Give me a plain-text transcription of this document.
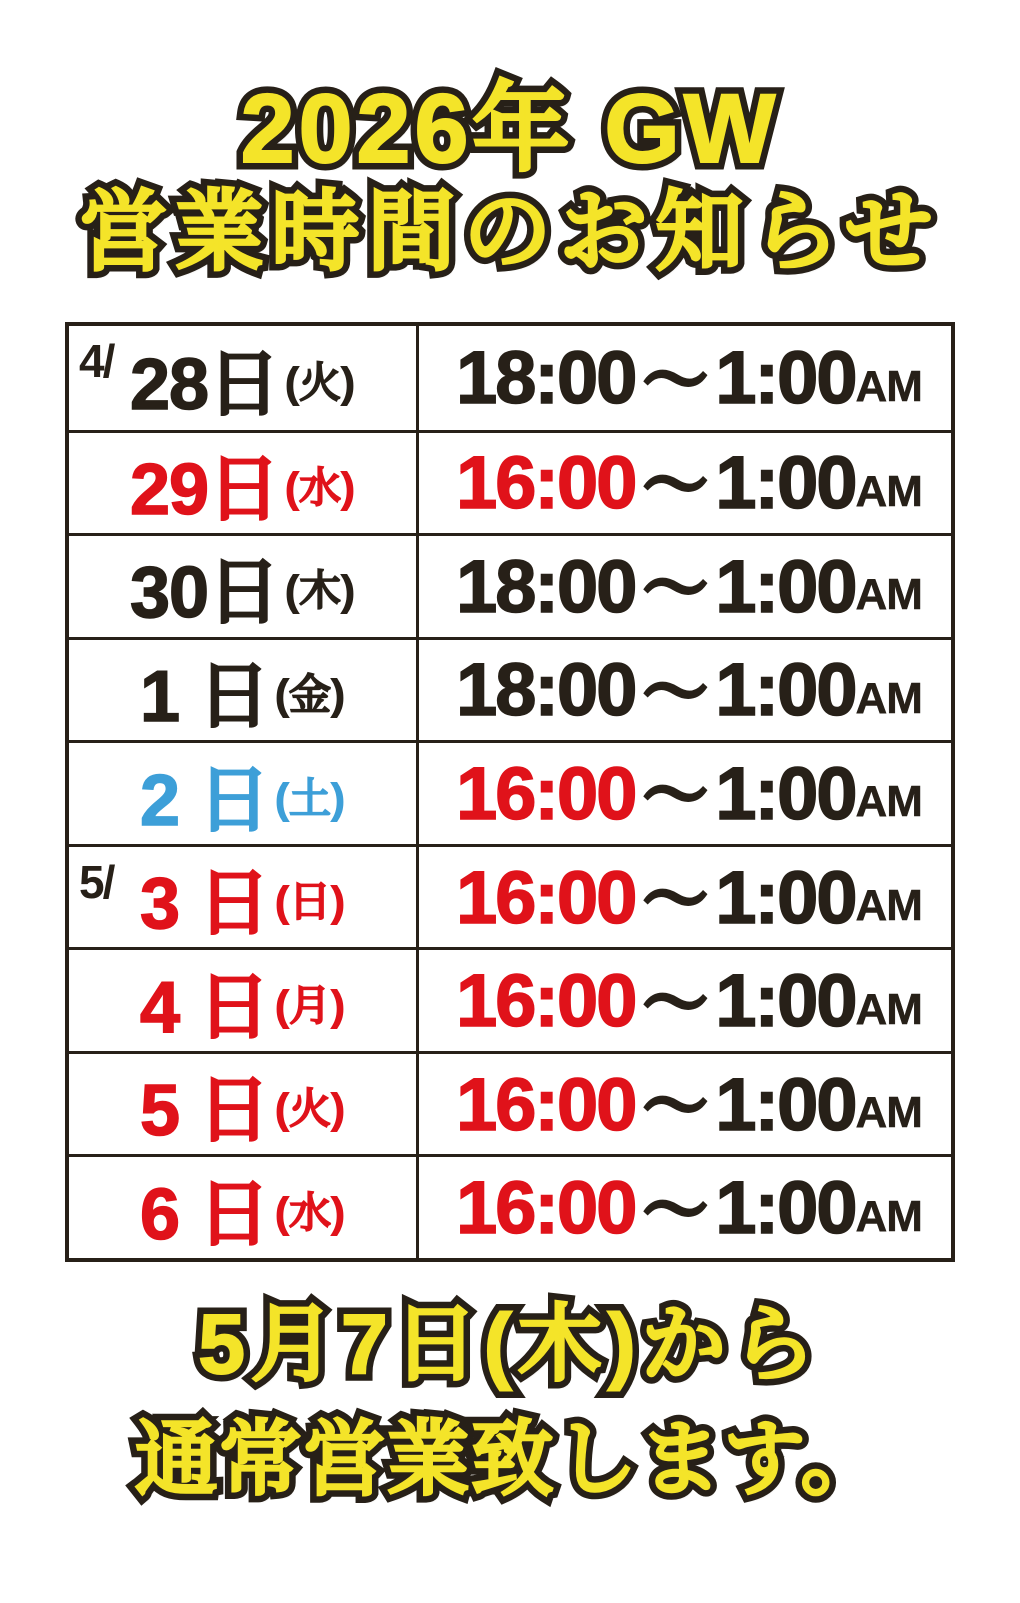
2026年 GW 2026年 GW
営業時間のお知らせ 営業時間のお知らせ
4/ 28日 (火) 18:00 ～ 1:00 AM
29日 (水) 16:00 ～ 1:00 AM
30日 (木) 18:00 ～ 1:00 AM
1 日 (金) 18:00 ～ 1:00 AM
2 日 (土) 16:00 ～ 1:00 AM
5/ 3 日 (日) 16:00 ～ 1:00 AM
4 日 (月) 16:00 ～ 1:00 AM
5 日 (火) 16:00 ～ 1:00 AM
6 日 (水) 16:00 ～ 1:00 AM
5月7日(木)から 5月7日(木)から
通常営業致します。 通常営業致します。
